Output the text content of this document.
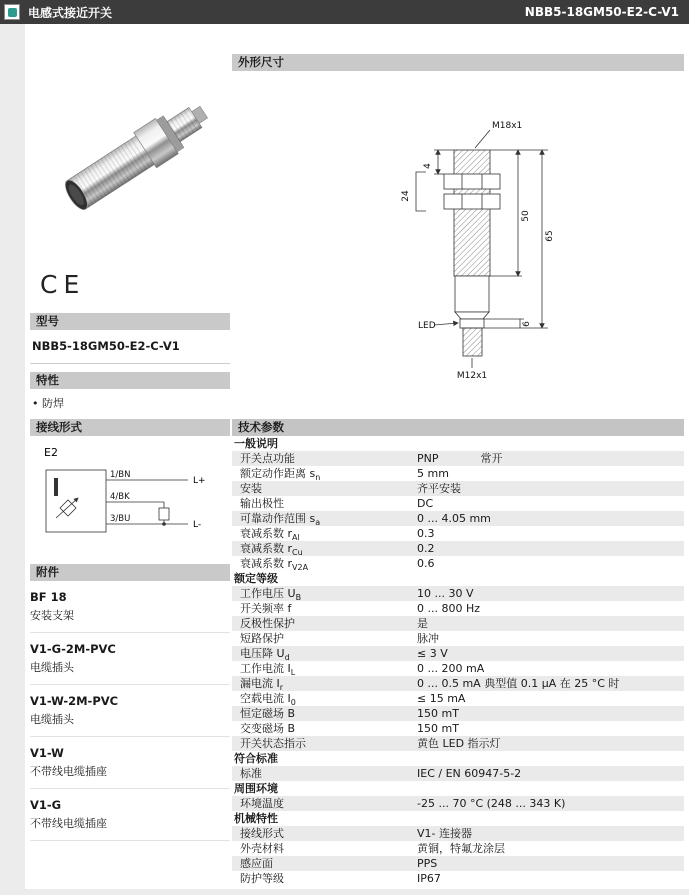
电感式接近开关	NBB5-18GM50-E2-C-V1
CE
型号
NBB5-18GM50-E2-C-V1
特性
• 防焊
接线形式
E2
1/BN
4/BK
3/BU
L+
L-
附件
BF 18
安装支架
V1-G-2M-PVC
电缆插头
V1-W-2M-PVC
电缆插头
V1-W
不带线电缆插座
V1-G
不带线电缆插座
外形尺寸
M18x1
LED
M12x1
4
24
50
6
65
技术参数
一般说明
开关点功能	PNP	常开
额定动作距离 $s_n$	5 mm
安装	齐平安装
输出极性	DC
可靠动作范围 $s_a$	0 ... 4.05 mm
衰减系数 $r_{Al}$	0.3
衰减系数 $r_{Cu}$	0.2
衰减系数 $r_{V2A}$	0.6
额定等级
工作电压 $U_B$	10 ... 30 V
开关频率 f	0 ... 800 Hz
反极性保护	是
短路保护	脉冲
电压降 $U_d$	≤ 3 V
工作电流 $I_L$	0 ... 200 mA
漏电流 $I_r$	0 ... 0.5 mA 典型值 0.1 µA 在 25 °C 时
空载电流 $I_0$	≤ 15 mA
恒定磁场 B	150 mT
交变磁场 B	150 mT
开关状态指示	黄色 LED 指示灯
符合标准
标准	IEC / EN 60947-5-2
周围环境
环境温度	-25 ... 70 °C (248 ... 343 K)
机械特性
接线形式	V1- 连接器
外壳材料	黄铜，特氟龙涂层
感应面	PPS
防护等级	IP67
